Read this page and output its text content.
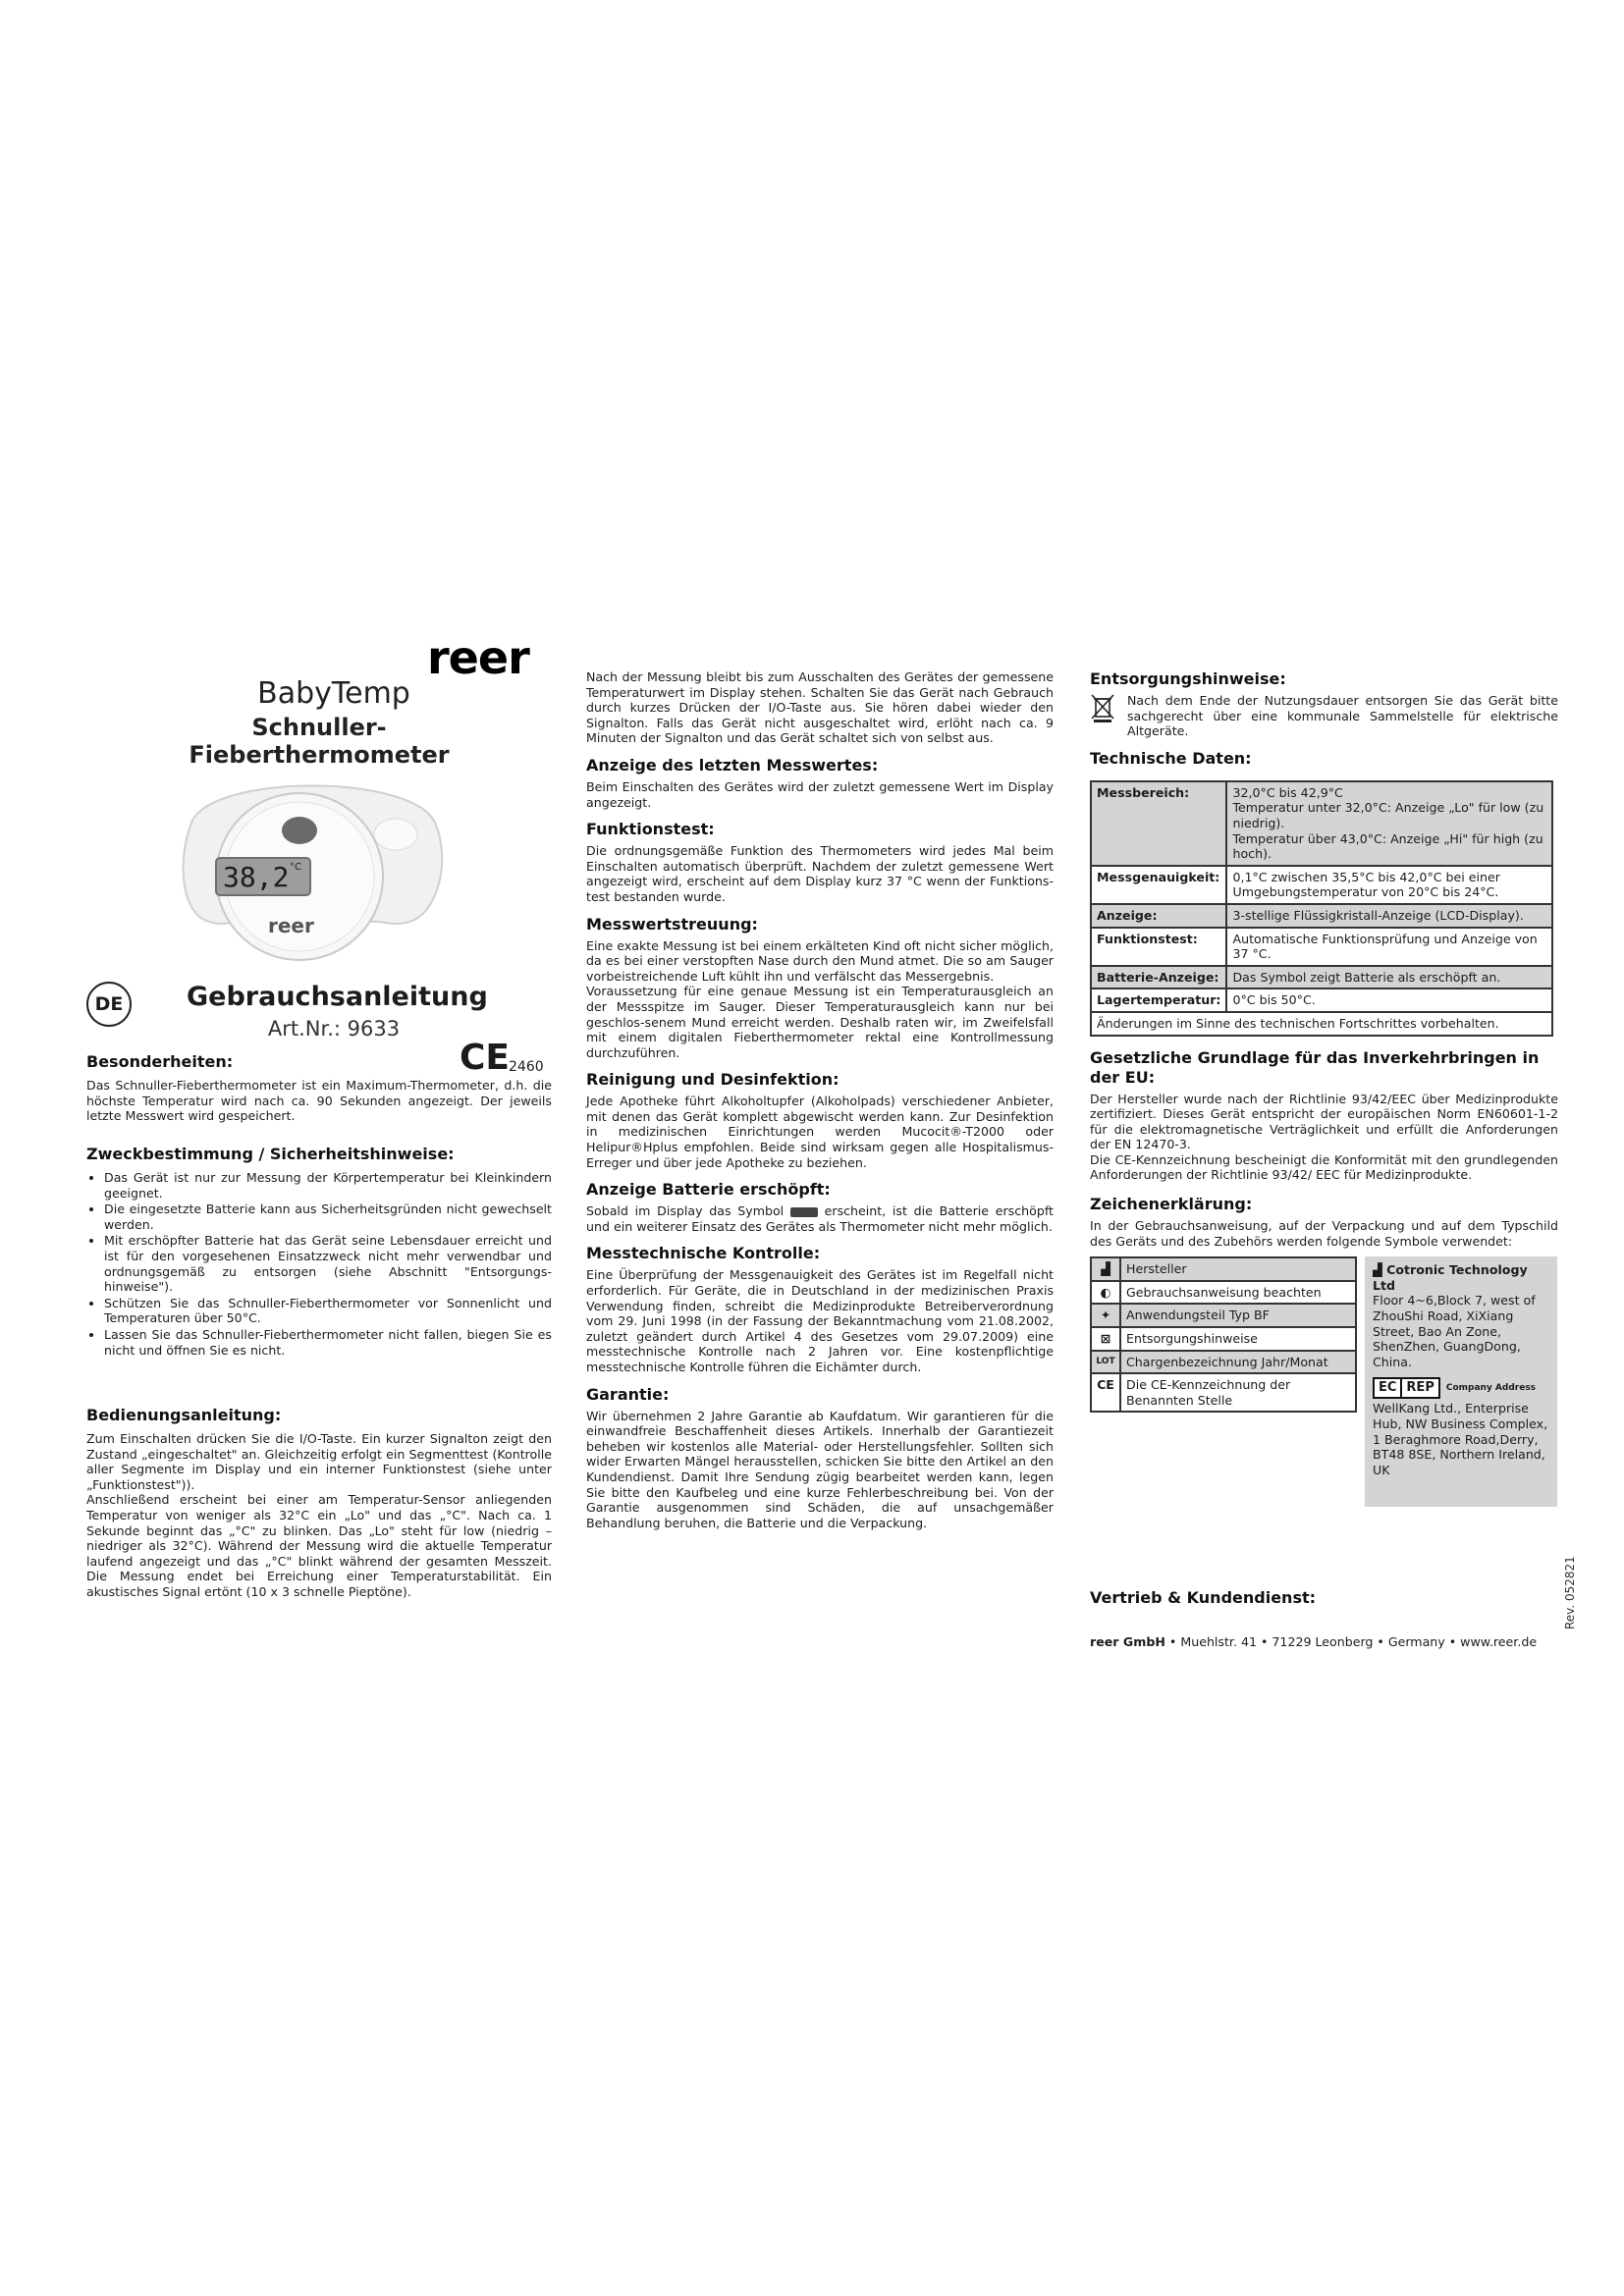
reer
BabyTemp
Schnuller-Fieberthermometer
38,2 °C
reer
DE	Gebrauchsanleitung
Art.Nr.: 9633
CE
2460
Besonderheiten:

Das Schnuller-Fieberthermometer ist ein Maximum-Thermometer, d.h. die höchste Temperatur wird nach ca. 90 Sekunden angezeigt. Der jeweils letzte Messwert wird gespeichert.

Zweckbestimmung / Sicherheitshinweise:
• Das Gerät ist nur zur Messung der Körpertemperatur bei Kleinkindern geeignet.
• Die eingesetzte Batterie kann aus Sicherheitsgründen nicht gewechselt werden.
• Mit erschöpfter Batterie hat das Gerät seine Lebensdauer erreicht und ist für den vorgesehenen Einsatzzweck nicht mehr verwendbar und ordnungsgemäß zu entsorgen (siehe Abschnitt "Entsorgungs-hinweise").
• Schützen Sie das Schnuller-Fieberthermometer vor Sonnenlicht und Temperaturen über 50°C.
• Lassen Sie das Schnuller-Fieberthermometer nicht fallen, biegen Sie es nicht und öffnen Sie es nicht.
Bedienungsanleitung:

Zum Einschalten drücken Sie die I/O-Taste. Ein kurzer Signalton zeigt den Zustand „eingeschaltet" an. Gleichzeitig erfolgt ein Segmenttest (Kontrolle aller Segmente im Display und ein interner Funktionstest (siehe unter „Funktionstest")).

Anschließend erscheint bei einer am Temperatur-Sensor anliegenden Temperatur von weniger als 32°C ein „Lo" und das „°C". Nach ca. 1 Sekunde beginnt das „°C" zu blinken. Das „Lo" steht für low (niedrig – niedriger als 32°C). Während der Messung wird die aktuelle Temperatur laufend angezeigt und das „°C" blinkt während der gesamten Messzeit. Die Messung endet bei Erreichung einer Temperaturstabilität. Ein akustisches Signal ertönt (10 x 3 schnelle Pieptöne).

Nach der Messung bleibt bis zum Ausschalten des Gerätes der gemessene Temperaturwert im Display stehen. Schalten Sie das Gerät nach Gebrauch durch kurzes Drücken der I/O-Taste aus. Sie hören dabei wieder den Signalton. Falls das Gerät nicht ausgeschaltet wird, erlöht nach ca. 9 Minuten der Signalton und das Gerät schaltet sich von selbst aus.

Anzeige des letzten Messwertes:

Beim Einschalten des Gerätes wird der zuletzt gemessene Wert im Display angezeigt.

Funktionstest:

Die ordnungsgemäße Funktion des Thermometers wird jedes Mal beim Einschalten automatisch überprüft. Nachdem der zuletzt gemessene Wert angezeigt wird, erscheint auf dem Display kurz 37 °C wenn der Funktions-test bestanden wurde.

Messwertstreuung:

Eine exakte Messung ist bei einem erkälteten Kind oft nicht sicher möglich, da es bei einer verstopften Nase durch den Mund atmet. Die so am Sauger vorbeistreichende Luft kühlt ihn und verfälscht das Messergebnis.

Voraussetzung für eine genaue Messung ist ein Temperaturausgleich an der Messspitze im Sauger. Dieser Temperaturausgleich kann nur bei geschlos-senem Mund erreicht werden. Deshalb raten wir, im Zweifelsfall mit einem digitalen Fieberthermometer rektal eine Kontrollmessung durchzuführen.

Reinigung und Desinfektion:

Jede Apotheke führt Alkoholtupfer (Alkoholpads) verschiedener Anbieter, mit denen das Gerät komplett abgewischt werden kann. Zur Desinfektion in medizinischen Einrichtungen werden Mucocit®-T2000 oder Helipur®Hplus empfohlen. Beide sind wirksam gegen alle Hospitalismus-Erreger und über jede Apotheke zu beziehen.

Anzeige Batterie erschöpft:

Sobald im Display das Symbol	erscheint, ist die Batterie erschöpft und ein weiterer Einsatz des Gerätes als Thermometer nicht mehr möglich.

Messtechnische Kontrolle:

Eine Überprüfung der Messgenauigkeit des Gerätes ist im Regelfall nicht erforderlich. Für Geräte, die in Deutschland in der medizinischen Praxis Verwendung finden, schreibt die Medizinprodukte Betreiberverordnung vom 29. Juni 1998 (in der Fassung der Bekanntmachung vom 21.08.2002, zuletzt geändert durch Artikel 4 des Gesetzes vom 29.07.2009) eine messtechnische Kontrolle nach 2 Jahren vor. Eine kostenpflichtige messtechnische Kontrolle führen die Eichämter durch.

Garantie:

Wir übernehmen 2 Jahre Garantie ab Kaufdatum. Wir garantieren für die einwandfreie Beschaffenheit dieses Artikels. Innerhalb der Garantiezeit beheben wir kostenlos alle Material- oder Herstellungsfehler. Sollten sich wider Erwarten Mängel herausstellen, schicken Sie bitte den Artikel an den Kundendienst. Damit Ihre Sendung zügig bearbeitet werden kann, legen Sie bitte den Kaufbeleg und eine kurze Fehlerbeschreibung bei. Von der Garantie ausgenommen sind Schäden, die auf unsachgemäßer Behandlung beruhen, die Batterie und die Verpackung.

Entsorgungshinweise:

Nach dem Ende der Nutzungsdauer entsorgen Sie das Gerät bitte sachgerecht über eine kommunale Sammelstelle für elektrische Altgeräte.

Technische Daten:
Messbereich:	32,0°C bis 42,9°C
Temperatur unter 32,0°C: Anzeige „Lo" für low (zu niedrig).
Temperatur über 43,0°C: Anzeige „Hi" für high (zu hoch).
Messgenauigkeit:	0,1°C zwischen 35,5°C bis 42,0°C bei einer Umgebungstemperatur von 20°C bis 24°C.
Anzeige:	3-stellige Flüssigkristall-Anzeige (LCD-Display).
Funktionstest:	Automatische Funktionsprüfung und Anzeige von 37 °C.
Batterie-Anzeige:	Das Symbol zeigt Batterie als erschöpft an.
Lagertemperatur:	0°C bis 50°C.
Änderungen im Sinne des technischen Fortschrittes vorbehalten.	
Gesetzliche Grundlage für das Inverkehrbringen in der EU:

Der Hersteller wurde nach der Richtlinie 93/42/EEC über Medizinprodukte zertifiziert. Dieses Gerät entspricht der europäischen Norm EN60601-1-2 für die elektromagnetische Verträglichkeit und erfüllt die Anforderungen der EN 12470-3.

Die CE-Kennzeichnung bescheinigt die Konformität mit den grundlegenden Anforderungen der Richtlinie 93/42/ EEC für Medizinprodukte.

Zeichenerklärung:

In der Gebrauchsanweisung, auf der Verpackung und auf dem Typschild des Geräts und des Zubehörs werden folgende Symbole verwendet:

▟	Hersteller
◐	Gebrauchsanweisung beachten
✦	Anwendungsteil Typ BF
⊠	Entsorgungshinweise
LOT	Chargenbezeichnung Jahr/Monat
CE	Die CE-Kennzeichnung der Benannten Stelle
▟ Cotronic Technology Ltd
Floor 4~6,Block 7, west of ZhouShi Road, XiXiang Street, Bao An Zone, ShenZhen, GuangDong, China.
EC REP	Company Address
WellKang Ltd., Enterprise Hub, NW Business Complex, 1 Beraghmore Road,Derry, BT48 8SE, Northern Ireland, UK
Vertrieb & Kundendienst:
reer GmbH • Muehlstr. 41 • 71229 Leonberg • Germany • www.reer.de
Rev. 052821
